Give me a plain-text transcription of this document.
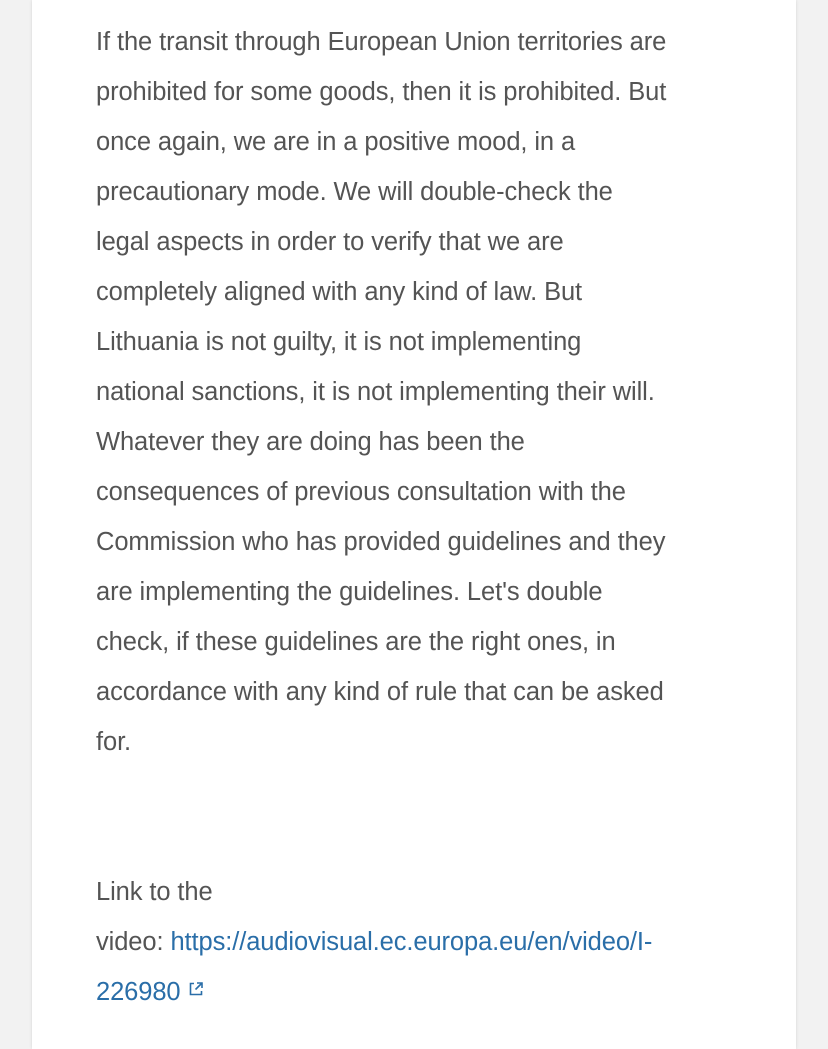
If the transit through European Union territories are
prohibited for some goods, then it is prohibited. But
once again, we are in a positive mood, in a
precautionary mode. We will double-check the
legal aspects in order to verify that we are
completely aligned with any kind of law. But
Lithuania is not guilty, it is not implementing
national sanctions, it is not implementing their will.
Whatever they are doing has been the
consequences of previous consultation with the
Commission who has provided guidelines and they
are implementing the guidelines. Let's double
check, if these guidelines are the right ones, in
accordance with any kind of rule that can be asked
for.

Link to the
video: https://audiovisual.ec.europa.eu/en/video/I-
226980
